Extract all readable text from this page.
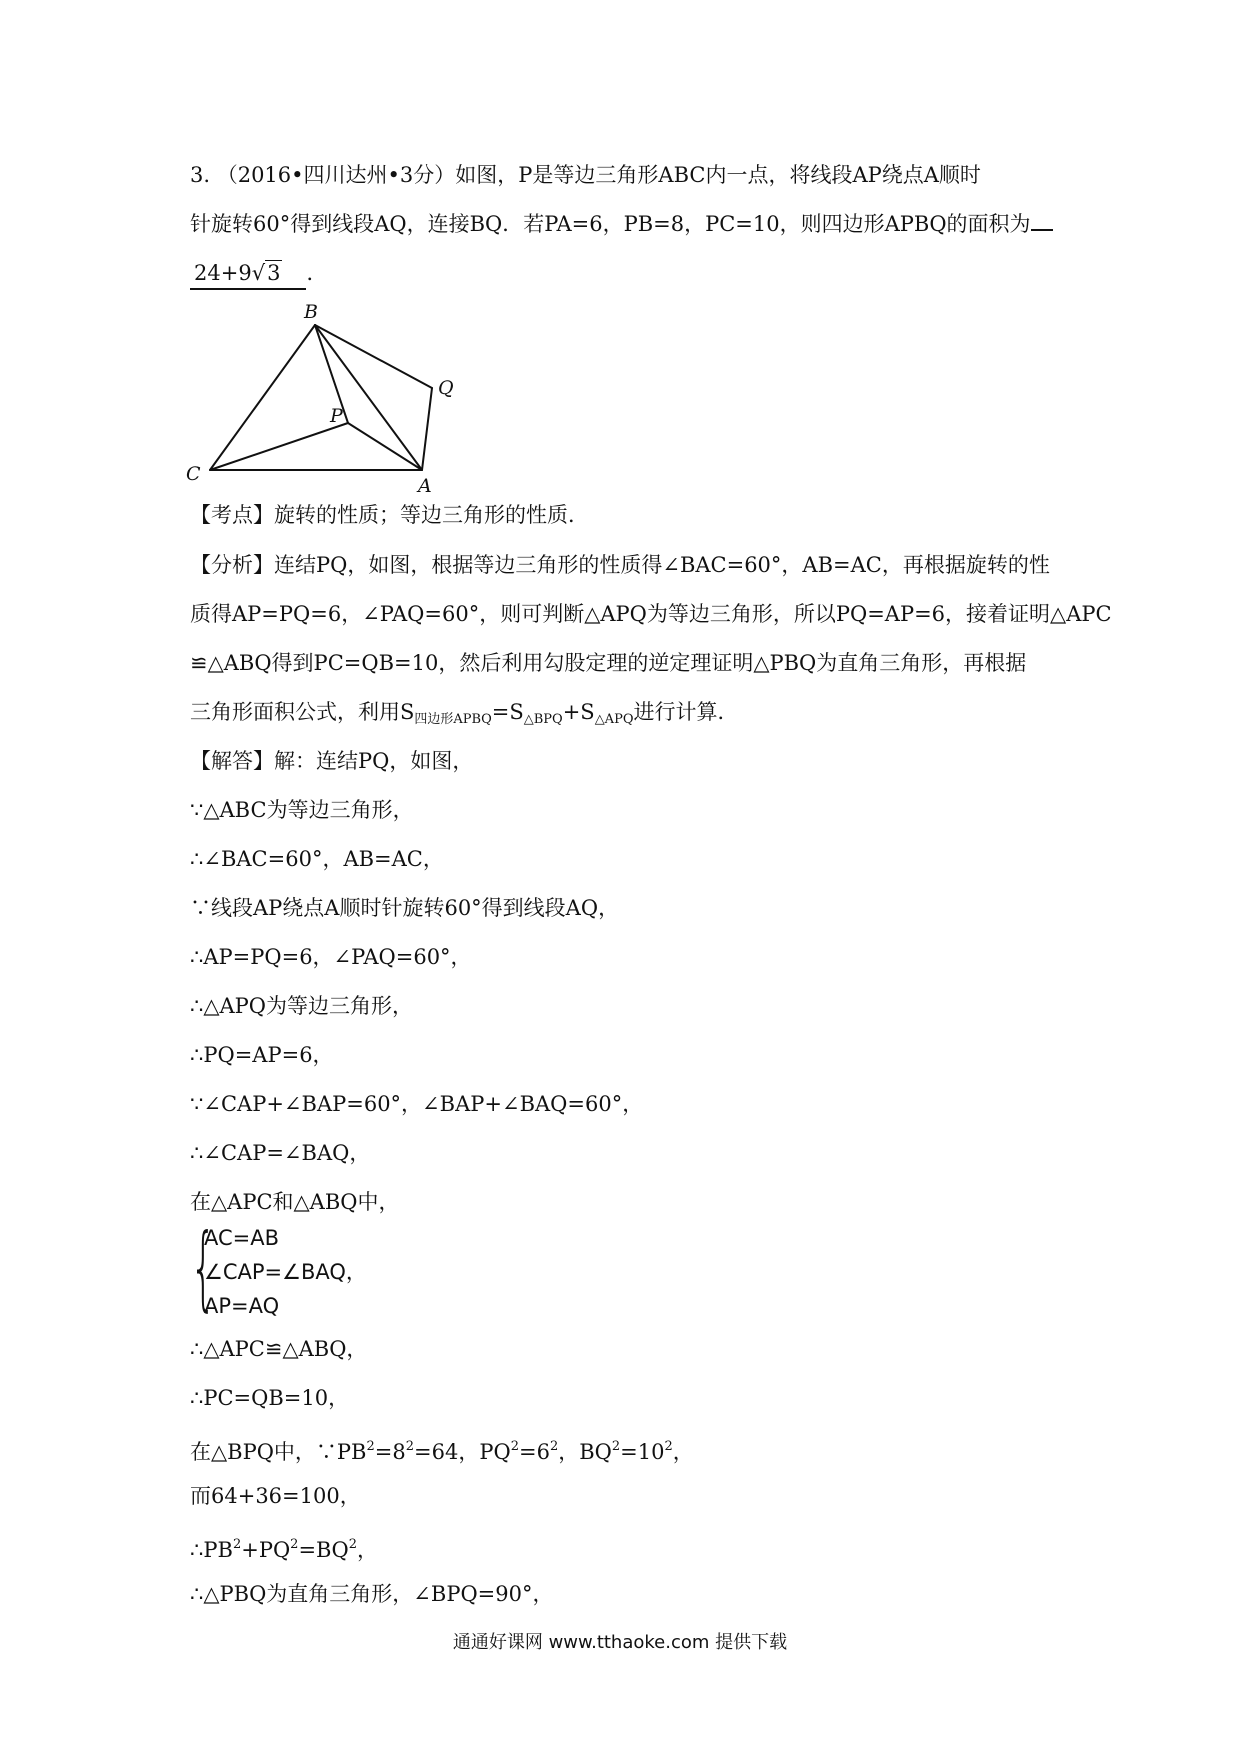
3. （2016•四川达州•3分）如图，P是等边三角形ABC内一点，将线段AP绕点A顺时
针旋转60°得到线段AQ，连接BQ．若PA=6，PB=8，PC=10，则四边形APBQ的面积为
24+9√3 ．
B
Q
P
C
A
【考点】旋转的性质；等边三角形的性质．
【分析】连结PQ，如图，根据等边三角形的性质得∠BAC=60°，AB=AC，再根据旋转的性
质得AP=PQ=6，∠PAQ=60°，则可判断△APQ为等边三角形，所以PQ=AP=6，接着证明△APC
≌△ABQ得到PC=QB=10，然后利用勾股定理的逆定理证明△PBQ为直角三角形，再根据
三角形面积公式，利用$S_{四边形APBQ}=S_{\triangle BPQ}+S_{\triangle APQ}$进行计算．
【解答】解：连结PQ，如图，
∵△ABC为等边三角形，
∴∠BAC=60°，AB=AC，
∵线段AP绕点A顺时针旋转60°得到线段AQ，
∴AP=PQ=6，∠PAQ=60°，
∴△APQ为等边三角形，
∴PQ=AP=6，
∵∠CAP+∠BAP=60°，∠BAP+∠BAQ=60°，
∴∠CAP=∠BAQ，
在△APC和△ABQ中，
{
AC=AB
∠CAP=∠BAQ，
AP=AQ
∴△APC≌△ABQ，
∴PC=QB=10，
在△BPQ中，$\because PB^2=8^2=64$，$PQ^2=6^2$，$BQ^2=10^2$，
而64+36=100，
$\therefore PB^2+PQ^2=BQ^2$，
∴△PBQ为直角三角形，∠BPQ=90°，
通通好课网 www.tthaoke.com 提供下载
